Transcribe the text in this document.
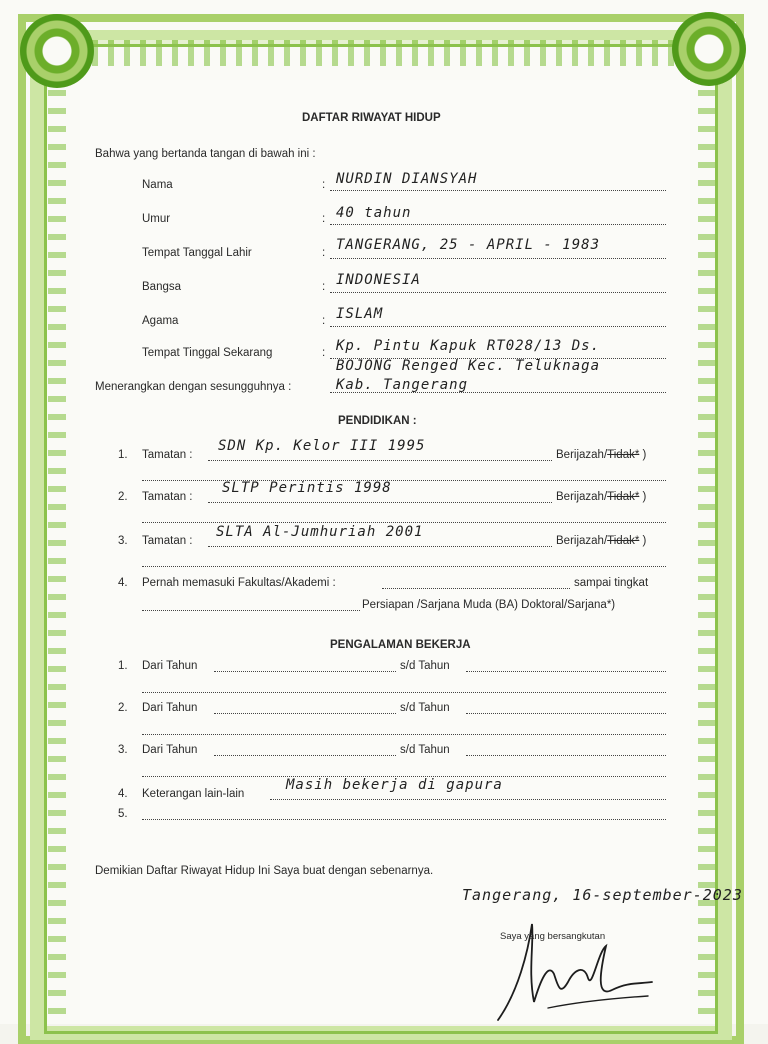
DAFTAR RIWAYAT HIDUP
Bahwa yang bertanda tangan di bawah ini :
Nama	: NURDIN DIANSYAH
Umur	: 40 tahun
Tempat Tanggal Lahir	: TANGERANG, 25 - APRIL - 1983
Bangsa	: INDONESIA
Agama	: ISLAM
Tempat Tinggal Sekarang	: Kp. Pintu Kapuk RT028/13 Ds.
BOJONG Renged Kec. Teluknaga
Menerangkan dengan sesungguhnya :	Kab. Tangerang
PENDIDIKAN :
1. Tamatan :
SDN Kp. Kelor III 1995
Berijazah/Tidak* )
2. Tamatan :
SLTP Perintis 1998
Berijazah/Tidak* )
3. Tamatan :
SLTA Al-Jumhuriah 2001
Berijazah/Tidak* )
4. Pernah memasuki Fakultas/Akademi :	sampai tingkat
Persiapan /Sarjana Muda (BA) Doktoral/Sarjana*)
PENGALAMAN BEKERJA
1. Dari Tahun	s/d Tahun
2. Dari Tahun	s/d Tahun
3. Dari Tahun	s/d Tahun
4. Keterangan lain-lain
Masih bekerja di gapura
5.
Demikian Daftar Riwayat Hidup Ini Saya buat dengan sebenarnya.
Tangerang, 16-september-2023
Saya yang bersangkutan
